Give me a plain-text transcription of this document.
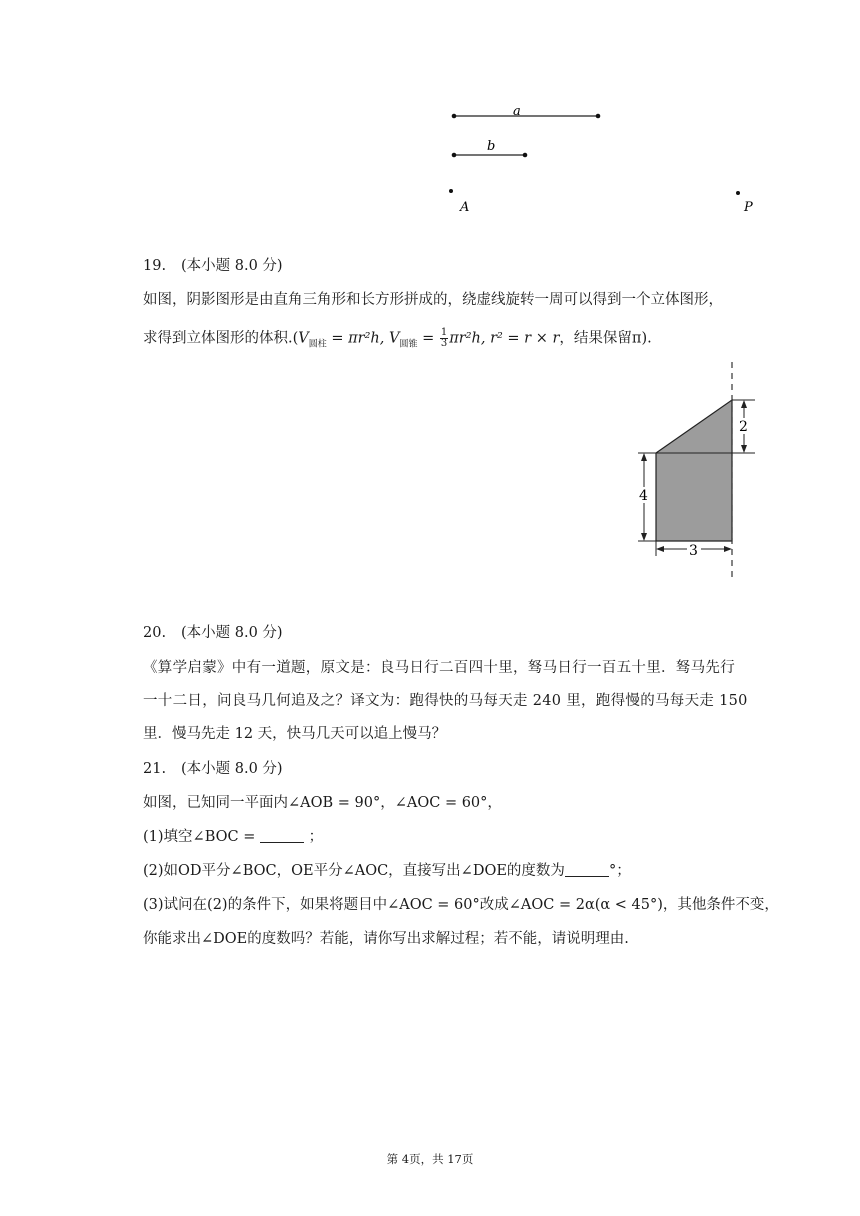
a
b
A	P
19. (本小题 8.0 分)
如图，阴影图形是由直角三角形和长方形拼成的，绕虚线旋转一周可以得到一个立体图形，
求得到立体图形的体积$.(V_{圆柱} = \pi r^2h$, $V_{圆锥} = \frac{1}{3} \pi r^2h$, r² = r × r，结果保留π).
2
4
3
20. (本小题 8.0 分)
《算学启蒙》中有一道题，原文是：良马日行二百四十里，驽马日行一百五十里．驽马先行
一十二日，问良马几何追及之？译文为：跑得快的马每天走 240 里，跑得慢的马每天走 150
里．慢马先走 12 天，快马几天可以追上慢马？
21. (本小题 8.0 分)
如图，已知同一平面内∠AOB = 90°，∠AOC = 60°，
(1)填空∠BOC =	；
(2)如OD平分∠BOC，OE平分∠AOC，直接写出∠DOE的度数为	°；
(3)试问在(2)的条件下，如果将题目中∠AOC = 60°改成∠AOC = 2α(α < 45°)，其他条件不变，
你能求出∠DOE的度数吗？若能，请你写出求解过程；若不能，请说明理由.
第 4页，共 17页
